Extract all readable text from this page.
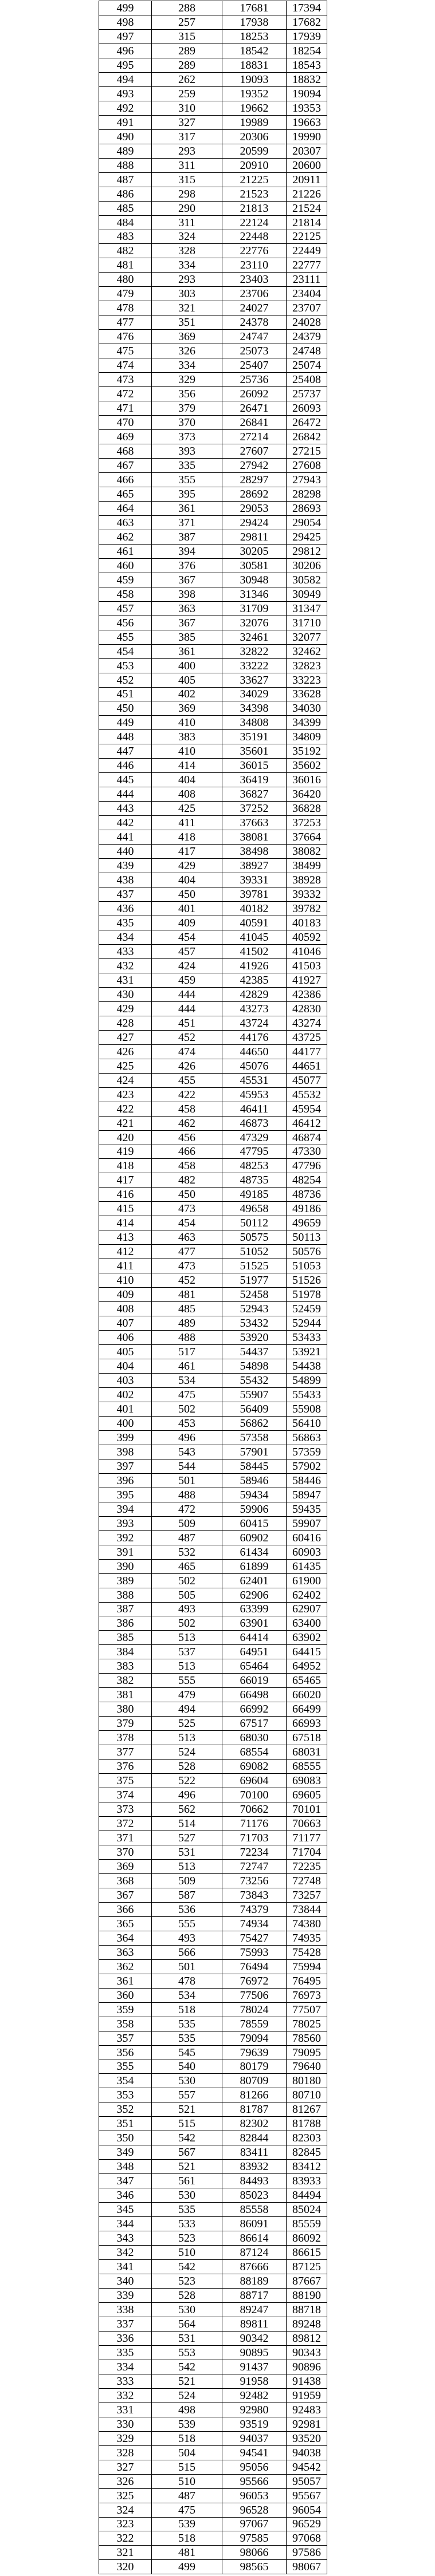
499	288	17681	17394
498	257	17938	17682
497	315	18253	17939
496	289	18542	18254
495	289	18831	18543
494	262	19093	18832
493	259	19352	19094
492	310	19662	19353
491	327	19989	19663
490	317	20306	19990
489	293	20599	20307
488	311	20910	20600
487	315	21225	20911
486	298	21523	21226
485	290	21813	21524
484	311	22124	21814
483	324	22448	22125
482	328	22776	22449
481	334	23110	22777
480	293	23403	23111
479	303	23706	23404
478	321	24027	23707
477	351	24378	24028
476	369	24747	24379
475	326	25073	24748
474	334	25407	25074
473	329	25736	25408
472	356	26092	25737
471	379	26471	26093
470	370	26841	26472
469	373	27214	26842
468	393	27607	27215
467	335	27942	27608
466	355	28297	27943
465	395	28692	28298
464	361	29053	28693
463	371	29424	29054
462	387	29811	29425
461	394	30205	29812
460	376	30581	30206
459	367	30948	30582
458	398	31346	30949
457	363	31709	31347
456	367	32076	31710
455	385	32461	32077
454	361	32822	32462
453	400	33222	32823
452	405	33627	33223
451	402	34029	33628
450	369	34398	34030
449	410	34808	34399
448	383	35191	34809
447	410	35601	35192
446	414	36015	35602
445	404	36419	36016
444	408	36827	36420
443	425	37252	36828
442	411	37663	37253
441	418	38081	37664
440	417	38498	38082
439	429	38927	38499
438	404	39331	38928
437	450	39781	39332
436	401	40182	39782
435	409	40591	40183
434	454	41045	40592
433	457	41502	41046
432	424	41926	41503
431	459	42385	41927
430	444	42829	42386
429	444	43273	42830
428	451	43724	43274
427	452	44176	43725
426	474	44650	44177
425	426	45076	44651
424	455	45531	45077
423	422	45953	45532
422	458	46411	45954
421	462	46873	46412
420	456	47329	46874
419	466	47795	47330
418	458	48253	47796
417	482	48735	48254
416	450	49185	48736
415	473	49658	49186
414	454	50112	49659
413	463	50575	50113
412	477	51052	50576
411	473	51525	51053
410	452	51977	51526
409	481	52458	51978
408	485	52943	52459
407	489	53432	52944
406	488	53920	53433
405	517	54437	53921
404	461	54898	54438
403	534	55432	54899
402	475	55907	55433
401	502	56409	55908
400	453	56862	56410
399	496	57358	56863
398	543	57901	57359
397	544	58445	57902
396	501	58946	58446
395	488	59434	58947
394	472	59906	59435
393	509	60415	59907
392	487	60902	60416
391	532	61434	60903
390	465	61899	61435
389	502	62401	61900
388	505	62906	62402
387	493	63399	62907
386	502	63901	63400
385	513	64414	63902
384	537	64951	64415
383	513	65464	64952
382	555	66019	65465
381	479	66498	66020
380	494	66992	66499
379	525	67517	66993
378	513	68030	67518
377	524	68554	68031
376	528	69082	68555
375	522	69604	69083
374	496	70100	69605
373	562	70662	70101
372	514	71176	70663
371	527	71703	71177
370	531	72234	71704
369	513	72747	72235
368	509	73256	72748
367	587	73843	73257
366	536	74379	73844
365	555	74934	74380
364	493	75427	74935
363	566	75993	75428
362	501	76494	75994
361	478	76972	76495
360	534	77506	76973
359	518	78024	77507
358	535	78559	78025
357	535	79094	78560
356	545	79639	79095
355	540	80179	79640
354	530	80709	80180
353	557	81266	80710
352	521	81787	81267
351	515	82302	81788
350	542	82844	82303
349	567	83411	82845
348	521	83932	83412
347	561	84493	83933
346	530	85023	84494
345	535	85558	85024
344	533	86091	85559
343	523	86614	86092
342	510	87124	86615
341	542	87666	87125
340	523	88189	87667
339	528	88717	88190
338	530	89247	88718
337	564	89811	89248
336	531	90342	89812
335	553	90895	90343
334	542	91437	90896
333	521	91958	91438
332	524	92482	91959
331	498	92980	92483
330	539	93519	92981
329	518	94037	93520
328	504	94541	94038
327	515	95056	94542
326	510	95566	95057
325	487	96053	95567
324	475	96528	96054
323	539	97067	96529
322	518	97585	97068
321	481	98066	97586
320	499	98565	98067
